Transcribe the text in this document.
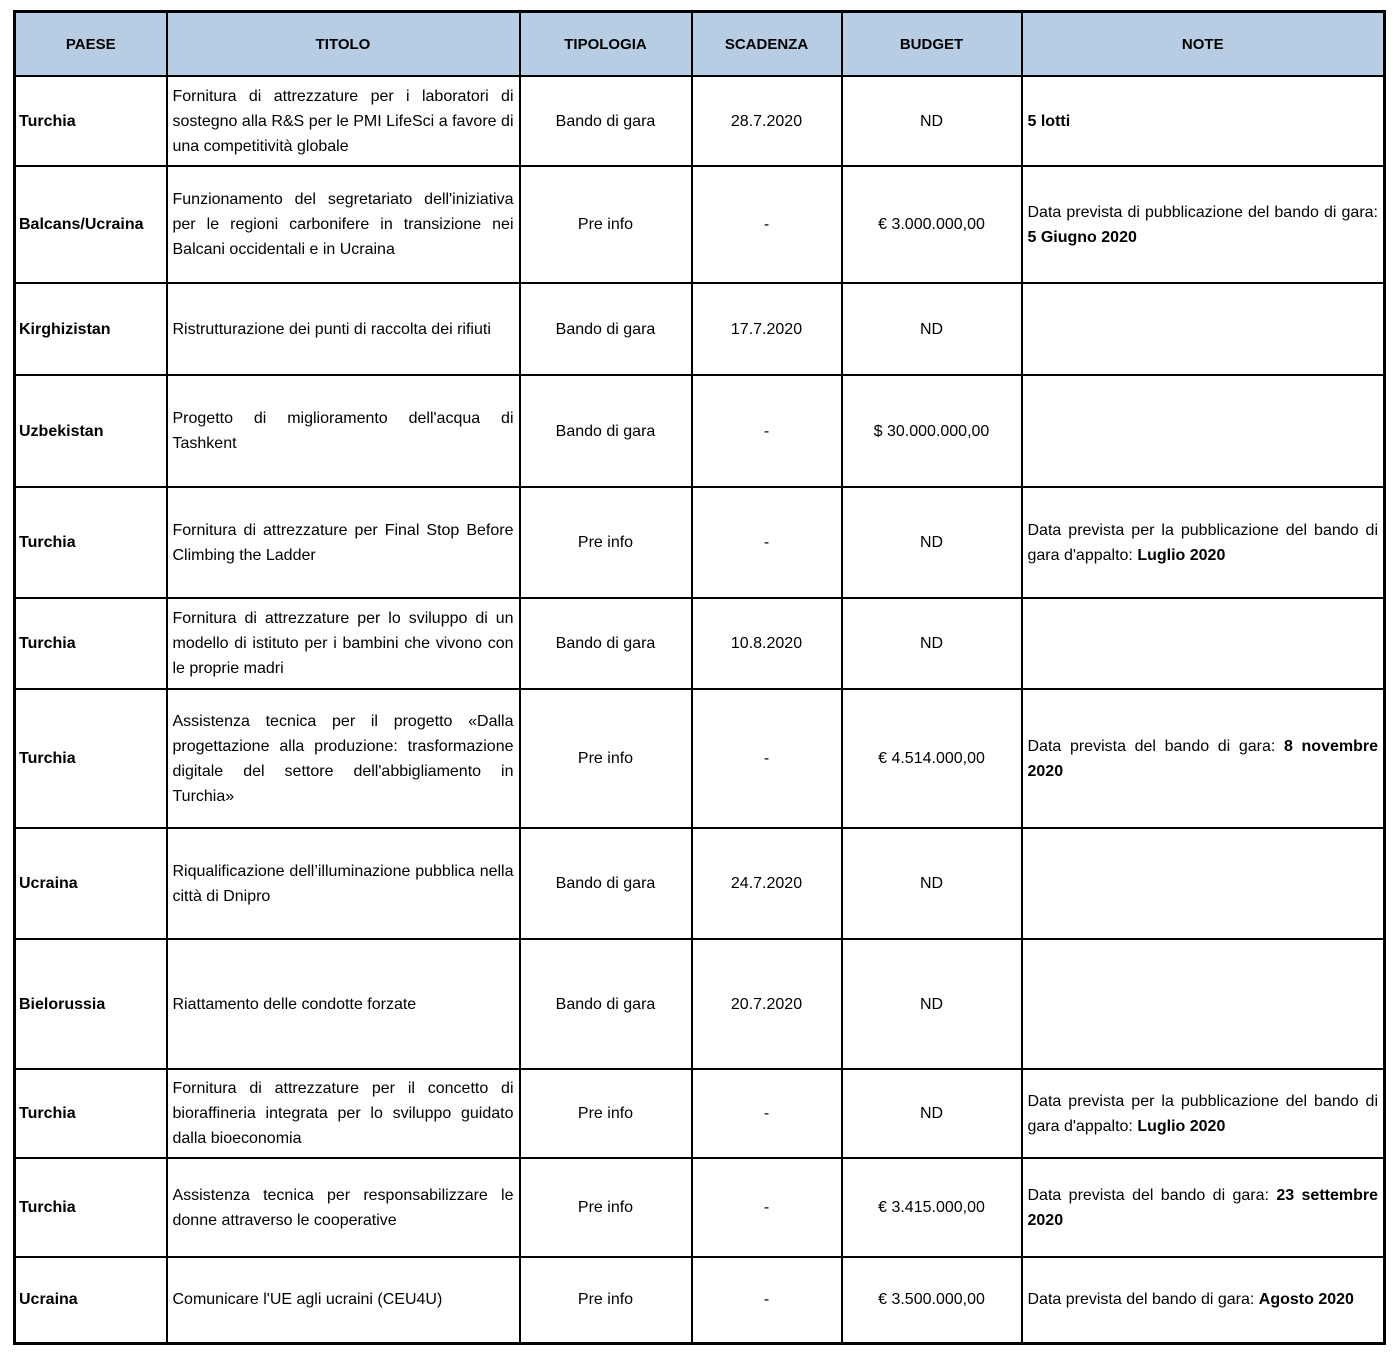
PAESE	TITOLO	TIPOLOGIA	SCADENZA	BUDGET	NOTE
Turchia	Fornitura di attrezzature per i laboratori di sostegno alla R&S per le PMI LifeSci a favore di una competitività globale	Bando di gara	28.7.2020	ND	5 lotti
Balcans/Ucraina	Funzionamento del segretariato dell'iniziativa per le regioni carbonifere in transizione nei Balcani occidentali e in Ucraina	Pre info	-	€ 3.000.000,00	Data prevista di pubblicazione del bando di gara: 5 Giugno 2020
Kirghizistan	Ristrutturazione dei punti di raccolta dei rifiuti	Bando di gara	17.7.2020	ND	
Uzbekistan	Progetto di miglioramento dell'acqua di Tashkent	Bando di gara	-	$ 30.000.000,00	
Turchia	Fornitura di attrezzature per Final Stop Before Climbing the Ladder	Pre info	-	ND	Data prevista per la pubblicazione del bando di gara d'appalto: Luglio 2020
Turchia	Fornitura di attrezzature per lo sviluppo di un modello di istituto per i bambini che vivono con le proprie madri	Bando di gara	10.8.2020	ND	
Turchia	Assistenza tecnica per il progetto «Dalla progettazione alla produzione: trasformazione digitale del settore dell'abbigliamento in Turchia»	Pre info	-	€ 4.514.000,00	Data prevista del bando di gara: 8 novembre 2020
Ucraina	Riqualificazione dell’illuminazione pubblica nella città di Dnipro	Bando di gara	24.7.2020	ND	
Bielorussia	Riattamento delle condotte forzate	Bando di gara	20.7.2020	ND	
Turchia	Fornitura di attrezzature per il concetto di bioraffineria integrata per lo sviluppo guidato dalla bioeconomia	Pre info	-	ND	Data prevista per la pubblicazione del bando di gara d'appalto: Luglio 2020
Turchia	Assistenza tecnica per responsabilizzare le donne attraverso le cooperative	Pre info	-	€ 3.415.000,00	Data prevista del bando di gara: 23 settembre 2020
Ucraina	Comunicare l'UE agli ucraini (CEU4U)	Pre info	-	€ 3.500.000,00	Data prevista del bando di gara: Agosto 2020
